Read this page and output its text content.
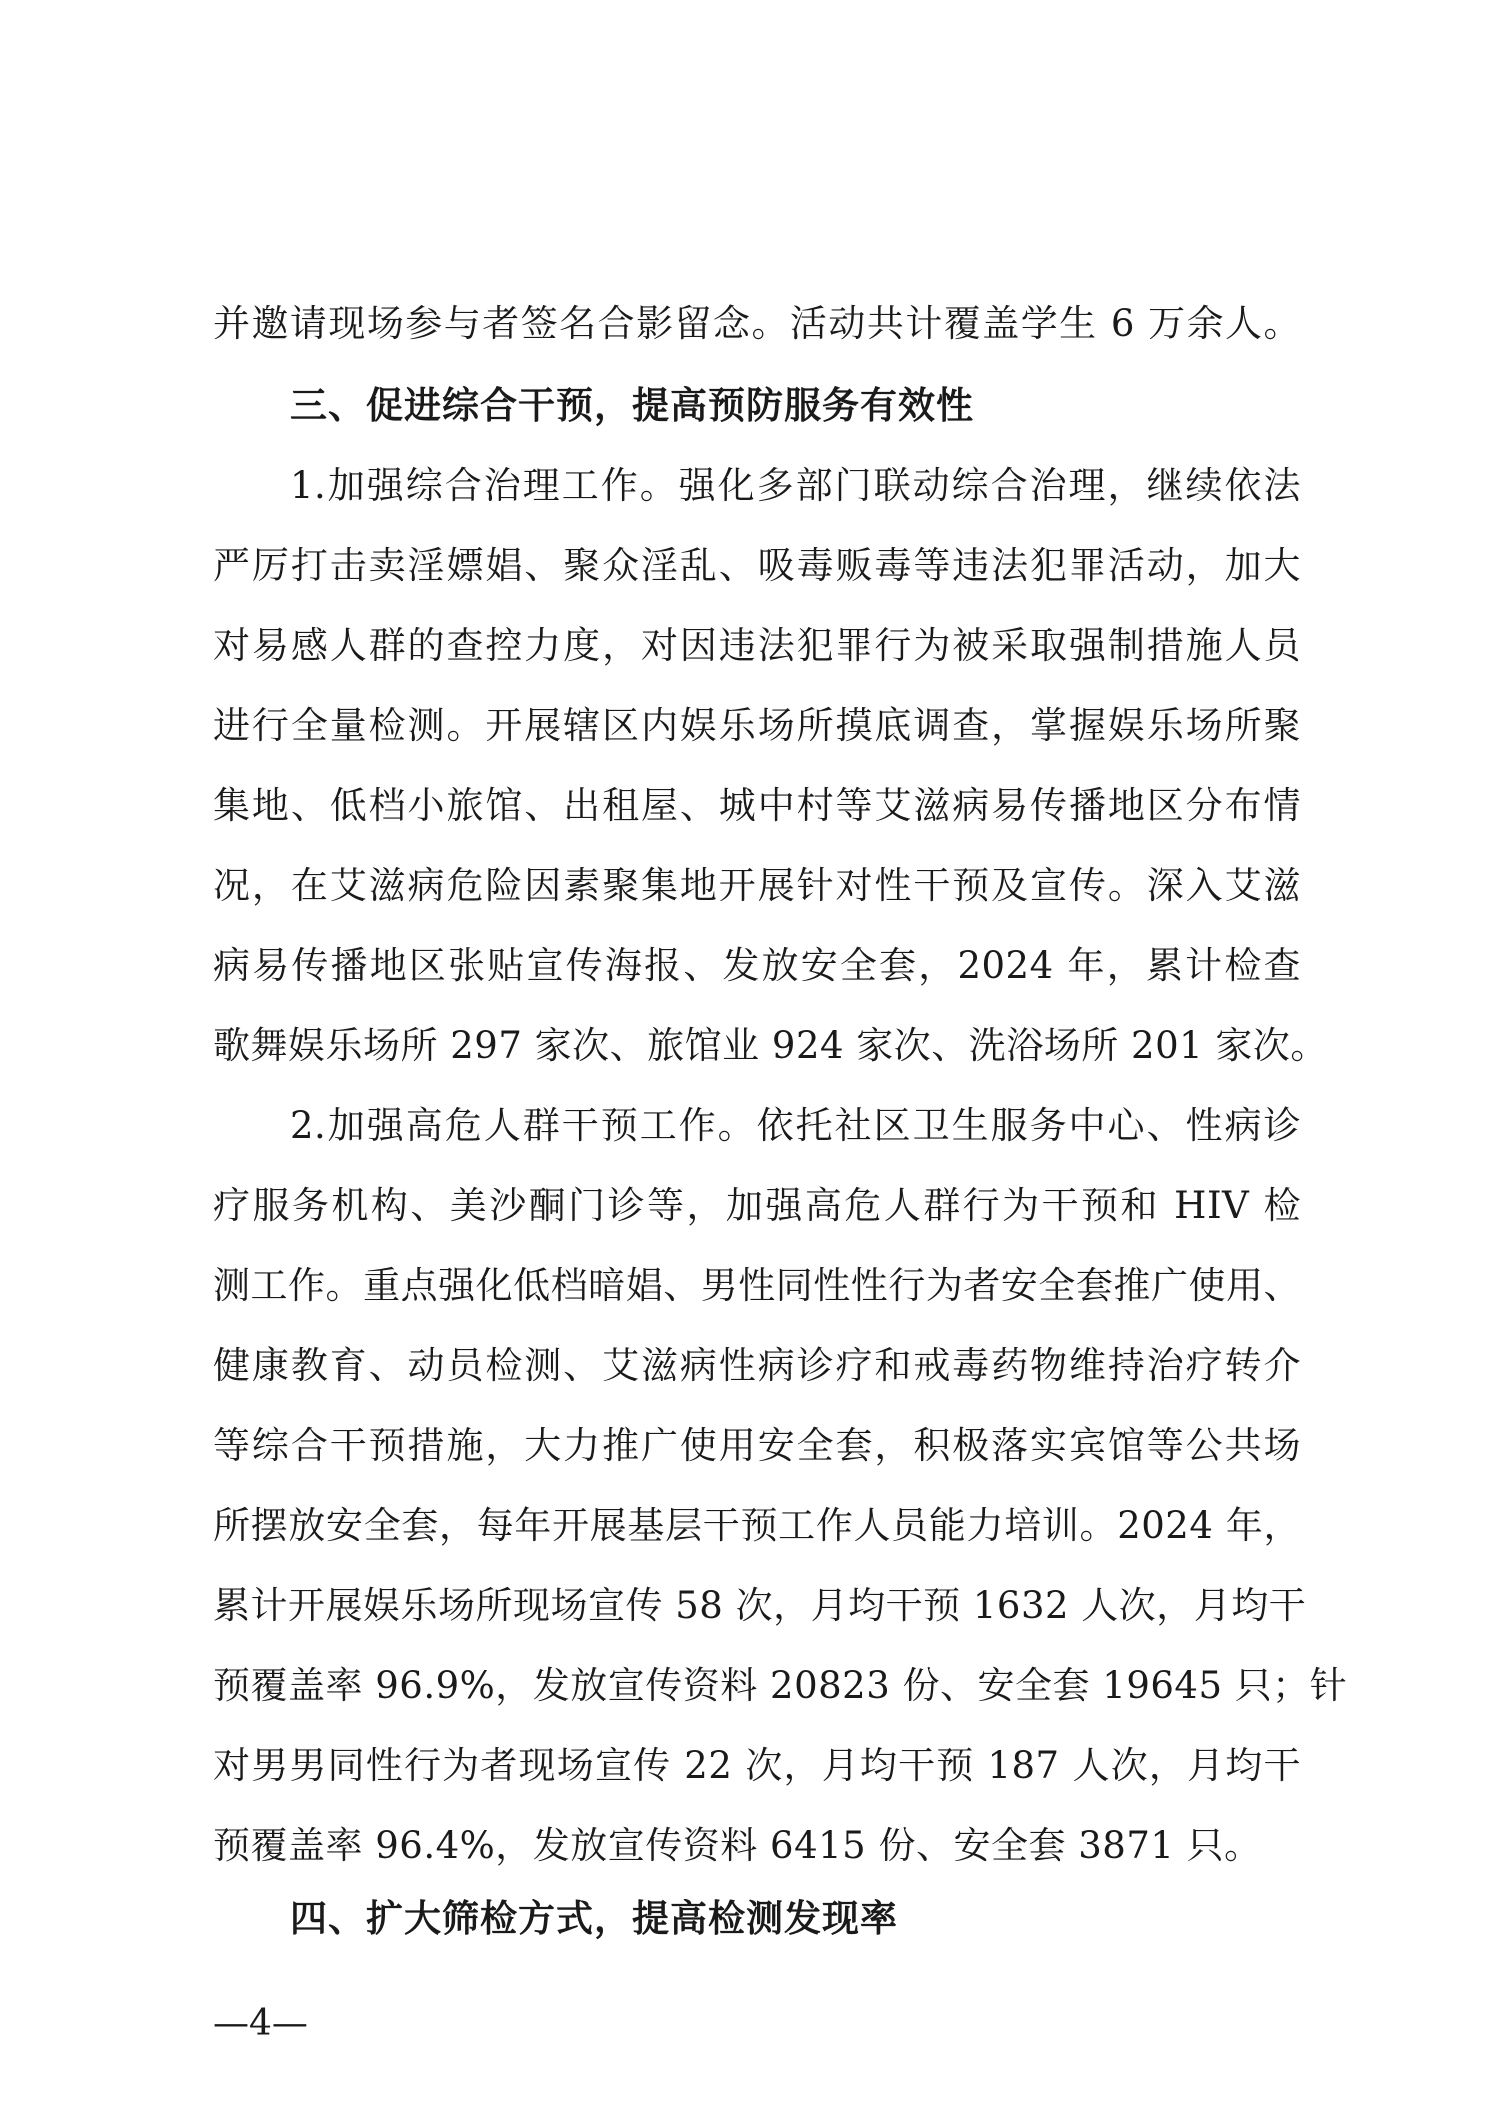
并邀请现场参与者签名合影留念。活动共计覆盖学生 6 万余人。
三、促进综合干预，提高预防服务有效性
1.加强综合治理工作。强化多部门联动综合治理，继续依法
严厉打击卖淫嫖娼、聚众淫乱、吸毒贩毒等违法犯罪活动，加大
对易感人群的查控力度，对因违法犯罪行为被采取强制措施人员
进行全量检测。开展辖区内娱乐场所摸底调查，掌握娱乐场所聚
集地、低档小旅馆、出租屋、城中村等艾滋病易传播地区分布情
况，在艾滋病危险因素聚集地开展针对性干预及宣传。深入艾滋
病易传播地区张贴宣传海报、发放安全套，2024 年，累计检查
歌舞娱乐场所 297 家次、旅馆业 924 家次、洗浴场所 201 家次。
2.加强高危人群干预工作。依托社区卫生服务中心、性病诊
疗服务机构、美沙酮门诊等，加强高危人群行为干预和 HIV 检
测工作。重点强化低档暗娼、男性同性性行为者安全套推广使用、
健康教育、动员检测、艾滋病性病诊疗和戒毒药物维持治疗转介
等综合干预措施，大力推广使用安全套，积极落实宾馆等公共场
所摆放安全套，每年开展基层干预工作人员能力培训。2024 年，
累计开展娱乐场所现场宣传 58 次，月均干预 1632 人次，月均干
预覆盖率 96.9%，发放宣传资料 20823 份、安全套 19645 只；针
对男男同性行为者现场宣传 22 次，月均干预 187 人次，月均干
预覆盖率 96.4%，发放宣传资料 6415 份、安全套 3871 只。
四、扩大筛检方式，提高检测发现率
—4—
